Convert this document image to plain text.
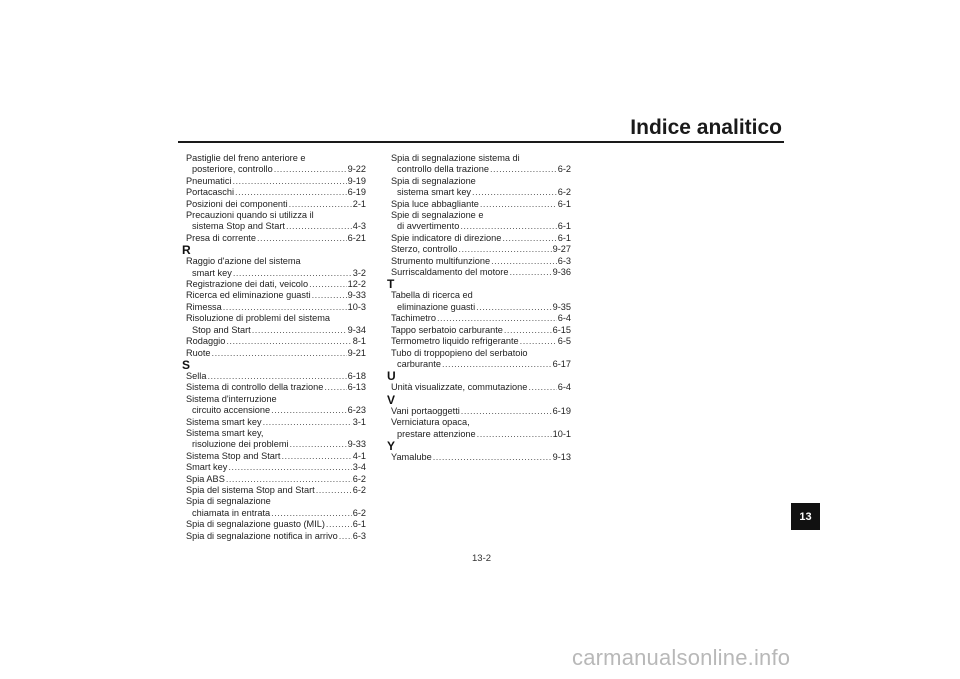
Indice analitico
Pastiglie del freno anteriore e
posteriore, controllo .....	9-22
Pneumatici .....	9-19
Portacaschi .....	6-19
Posizioni dei componenti .....	2-1
Precauzioni quando si utilizza il
sistema Stop and Start .....	4-3
Presa di corrente .....	6-21
R
Raggio d'azione del sistema
smart key .....	3-2
Registrazione dei dati, veicolo .....	12-2
Ricerca ed eliminazione guasti .....	9-33
Rimessa .....	10-3
Risoluzione di problemi del sistema
Stop and Start .....	9-34
Rodaggio .....	8-1
Ruote .....	9-21
S
Sella .....	6-18
Sistema di controllo della trazione .....	6-13
Sistema d'interruzione
circuito accensione .....	6-23
Sistema smart key .....	3-1
Sistema smart key,
risoluzione dei problemi .....	9-33
Sistema Stop and Start .....	4-1
Smart key .....	3-4
Spia ABS .....	6-2
Spia del sistema Stop and Start .....	6-2
Spia di segnalazione
chiamata in entrata .....	6-2
Spia di segnalazione guasto (MIL) .....	6-1
Spia di segnalazione notifica in arrivo ..... 6-3
Spia di segnalazione sistema di
controllo della trazione .....	6-2
Spia di segnalazione
sistema smart key .....	6-2
Spia luce abbagliante .....	6-1
Spie di segnalazione e
di avvertimento .....	6-1
Spie indicatore di direzione .....	6-1
Sterzo, controllo .....	9-27
Strumento multifunzione .....	6-3
Surriscaldamento del motore .....	9-36
T
Tabella di ricerca ed
eliminazione guasti .....	9-35
Tachimetro .....	6-4
Tappo serbatoio carburante .....	6-15
Termometro liquido refrigerante .....	6-5
Tubo di troppopieno del serbatoio
carburante .....	6-17
U
Unità visualizzate, commutazione .....	6-4
V
Vani portaoggetti .....	6-19
Verniciatura opaca,
prestare attenzione .....	10-1
Y
Yamalube .....	9-13
13
13-2
carmanualsonline.info
